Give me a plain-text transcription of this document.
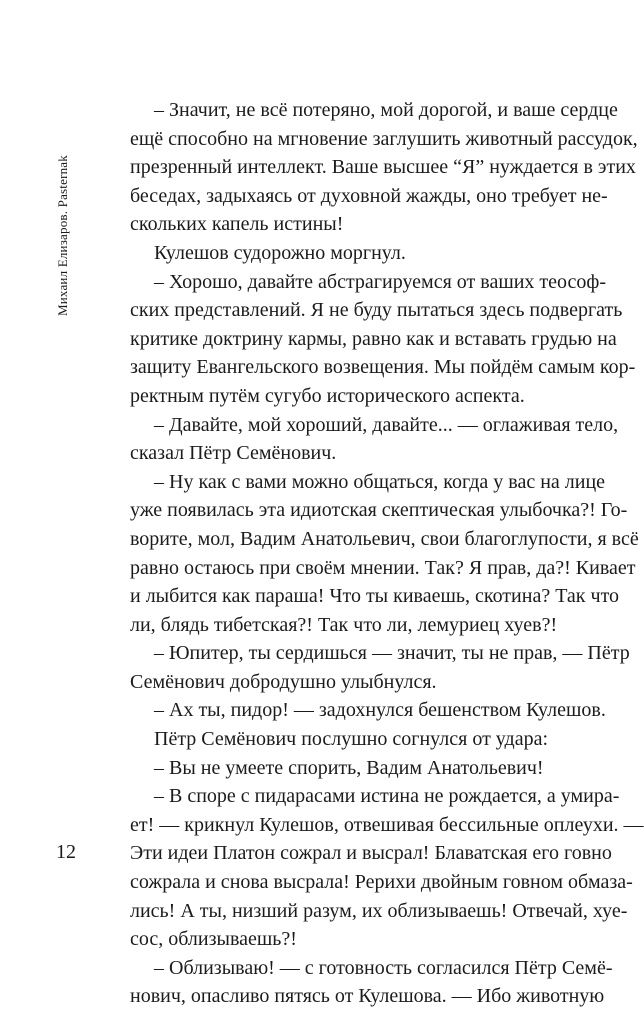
Михаил Елизаров. Pasternak
12
– Значит, не всё потеряно, мой дорогой, и ваше сердце
ещё способно на мгновение заглушить животный рассудок,
презренный интеллект. Ваше высшее “Я” нуждается в этих
беседах, задыхаясь от духовной жажды, оно требует не-
скольких капель истины!
Кулешов судорожно моргнул.
– Хорошо, давайте абстрагируемся от ваших теософ-
ских представлений. Я не буду пытаться здесь подвергать
критике доктрину кармы, равно как и вставать грудью на
защиту Евангельского возвещения. Мы пойдём самым кор-
ректным путём сугубо исторического аспекта.
– Давайте, мой хороший, давайте... — оглаживая тело,
сказал Пётр Семёнович.
– Ну как с вами можно общаться, когда у вас на лице
уже появилась эта идиотская скептическая улыбочка?! Го-
ворите, мол, Вадим Анатольевич, свои благоглупости, я всё
равно остаюсь при своём мнении. Так? Я прав, да?! Кивает
и лыбится как параша! Что ты киваешь, скотина? Так что
ли, блядь тибетская?! Так что ли, лемуриец хуев?!
– Юпитер, ты сердишься — значит, ты не прав, — Пётр
Семёнович добродушно улыбнулся.
– Ах ты, пидор! — задохнулся бешенством Кулешов.
Пётр Семёнович послушно согнулся от удара:
– Вы не умеете спорить, Вадим Анатольевич!
– В споре с пидарасами истина не рождается, а умира-
ет! — крикнул Кулешов, отвешивая бессильные оплеухи. —
Эти идеи Платон сожрал и высрал! Блаватская его говно
сожрала и снова высрала! Рерихи двойным говном обмаза-
лись! А ты, низший разум, их облизываешь! Отвечай, хуе-
сос, облизываешь?!
– Облизываю! — с готовность согласился Пётр Семё-
нович, опасливо пятясь от Кулешова. — Ибо животную
